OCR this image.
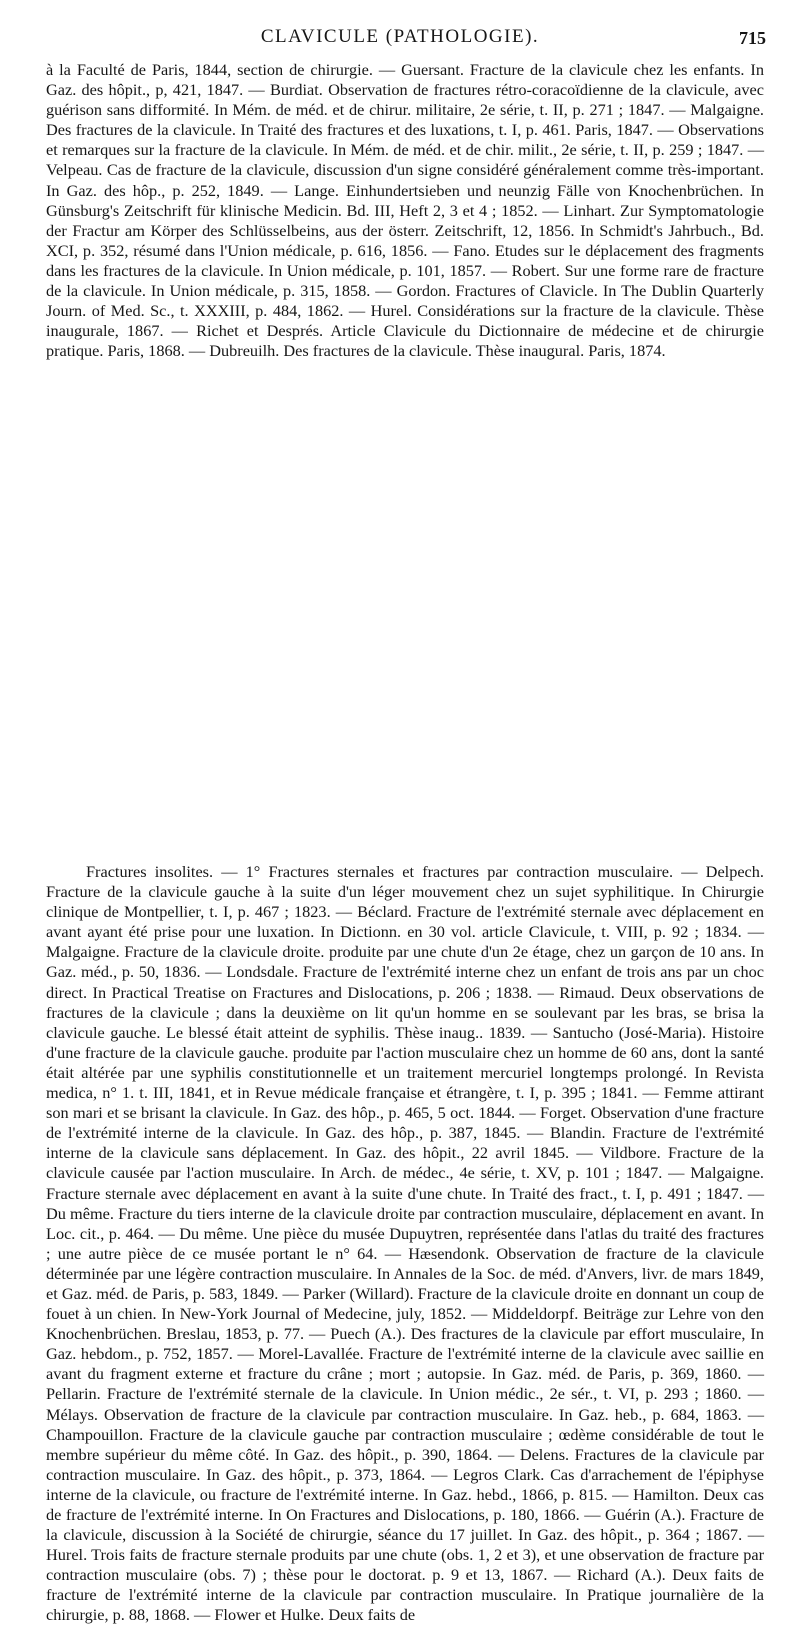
CLAVICULE (PATHOLOGIE).	715

à la Faculté de Paris, 1844, section de chirurgie. — Guersant. Fracture de la clavicule chez les enfants. In Gaz. des hôpit., p, 421, 1847. — Burdiat. Observation de fractures rétro-coracoïdienne de la clavicule, avec guérison sans difformité. In Mém. de méd. et de chirur. militaire, 2e série, t. II, p. 271 ; 1847. — Malgaigne. Des fractures de la clavicule. In Traité des fractures et des luxations, t. I, p. 461. Paris, 1847. — Observations et remarques sur la fracture de la clavicule. In Mém. de méd. et de chir. milit., 2e série, t. II, p. 259 ; 1847. — Velpeau. Cas de fracture de la clavicule, discussion d'un signe considéré généralement comme très-important. In Gaz. des hôp., p. 252, 1849. — Lange. Einhundertsieben und neunzig Fälle von Knochenbrüchen. In Günsburg's Zeitschrift für klinische Medicin. Bd. III, Heft 2, 3 et 4 ; 1852. — Linhart. Zur Symptomatologie der Fractur am Körper des Schlüsselbeins, aus der österr. Zeitschrift, 12, 1856. In Schmidt's Jahrbuch., Bd. XCI, p. 352, résumé dans l'Union médicale, p. 616, 1856. — Fano. Etudes sur le déplacement des fragments dans les fractures de la clavicule. In Union médicale, p. 101, 1857. — Robert. Sur une forme rare de fracture de la clavicule. In Union médicale, p. 315, 1858. — Gordon. Fractures of Clavicle. In The Dublin Quarterly Journ. of Med. Sc., t. XXXIII, p. 484, 1862. — Hurel. Considérations sur la fracture de la clavicule. Thèse inaugurale, 1867. — Richet et Després. Article Clavicule du Dictionnaire de médecine et de chirurgie pratique. Paris, 1868. — Dubreuilh. Des fractures de la clavicule. Thèse inaugural. Paris, 1874.

Fractures insolites. — 1° Fractures sternales et fractures par contraction musculaire. — Delpech. Fracture de la clavicule gauche à la suite d'un léger mouvement chez un sujet syphilitique. In Chirurgie clinique de Montpellier, t. I, p. 467 ; 1823. — Béclard. Fracture de l'extrémité sternale avec déplacement en avant ayant été prise pour une luxation. In Dictionn. en 30 vol. article Clavicule, t. VIII, p. 92 ; 1834. — Malgaigne. Fracture de la clavicule droite. produite par une chute d'un 2e étage, chez un garçon de 10 ans. In Gaz. méd., p. 50, 1836. — Londsdale. Fracture de l'extrémité interne chez un enfant de trois ans par un choc direct. In Practical Treatise on Fractures and Dislocations, p. 206 ; 1838. — Rimaud. Deux observations de fractures de la clavicule ; dans la deuxième on lit qu'un homme en se soulevant par les bras, se brisa la clavicule gauche. Le blessé était atteint de syphilis. Thèse inaug.. 1839. — Santucho (José-Maria). Histoire d'une fracture de la clavicule gauche. produite par l'action musculaire chez un homme de 60 ans, dont la santé était altérée par une syphilis constitutionnelle et un traitement mercuriel longtemps prolongé. In Revista medica, n° 1. t. III, 1841, et in Revue médicale française et étrangère, t. I, p. 395 ; 1841. — Femme attirant son mari et se brisant la clavicule. In Gaz. des hôp., p. 465, 5 oct. 1844. — Forget. Observation d'une fracture de l'extrémité interne de la clavicule. In Gaz. des hôp., p. 387, 1845. — Blandin. Fracture de l'extrémité interne de la clavicule sans déplacement. In Gaz. des hôpit., 22 avril 1845. — Vildbore. Fracture de la clavicule causée par l'action musculaire. In Arch. de médec., 4e série, t. XV, p. 101 ; 1847. — Malgaigne. Fracture sternale avec déplacement en avant à la suite d'une chute. In Traité des fract., t. I, p. 491 ; 1847. — Du même. Fracture du tiers interne de la clavicule droite par contraction musculaire, déplacement en avant. In Loc. cit., p. 464. — Du même. Une pièce du musée Dupuytren, représentée dans l'atlas du traité des fractures ; une autre pièce de ce musée portant le n° 64. — Hæsendonk. Observation de fracture de la clavicule déterminée par une légère contraction musculaire. In Annales de la Soc. de méd. d'Anvers, livr. de mars 1849, et Gaz. méd. de Paris, p. 583, 1849. — Parker (Willard). Fracture de la clavicule droite en donnant un coup de fouet à un chien. In New-York Journal of Medecine, july, 1852. — Middeldorpf. Beiträge zur Lehre von den Knochenbrüchen. Breslau, 1853, p. 77. — Puech (A.). Des fractures de la clavicule par effort musculaire, In Gaz. hebdom., p. 752, 1857. — Morel-Lavallée. Fracture de l'extrémité interne de la clavicule avec saillie en avant du fragment externe et fracture du crâne ; mort ; autopsie. In Gaz. méd. de Paris, p. 369, 1860. — Pellarin. Fracture de l'extrémité sternale de la clavicule. In Union médic., 2e sér., t. VI, p. 293 ; 1860. — Mélays. Observation de fracture de la clavicule par contraction musculaire. In Gaz. heb., p. 684, 1863. — Champouillon. Fracture de la clavicule gauche par contraction musculaire ; œdème considérable de tout le membre supérieur du même côté. In Gaz. des hôpit., p. 390, 1864. — Delens. Fractures de la clavicule par contraction musculaire. In Gaz. des hôpit., p. 373, 1864. — Legros Clark. Cas d'arrachement de l'épiphyse interne de la clavicule, ou fracture de l'extrémité interne. In Gaz. hebd., 1866, p. 815. — Hamilton. Deux cas de fracture de l'extrémité interne. In On Fractures and Dislocations, p. 180, 1866. — Guérin (A.). Fracture de la clavicule, discussion à la Société de chirurgie, séance du 17 juillet. In Gaz. des hôpit., p. 364 ; 1867. — Hurel. Trois faits de fracture sternale produits par une chute (obs. 1, 2 et 3), et une observation de fracture par contraction musculaire (obs. 7) ; thèse pour le doctorat. p. 9 et 13, 1867. — Richard (A.). Deux faits de fracture de l'extrémité interne de la clavicule par contraction musculaire. In Pratique journalière de la chirurgie, p. 88, 1868. — Flower et Hulke. Deux faits de
